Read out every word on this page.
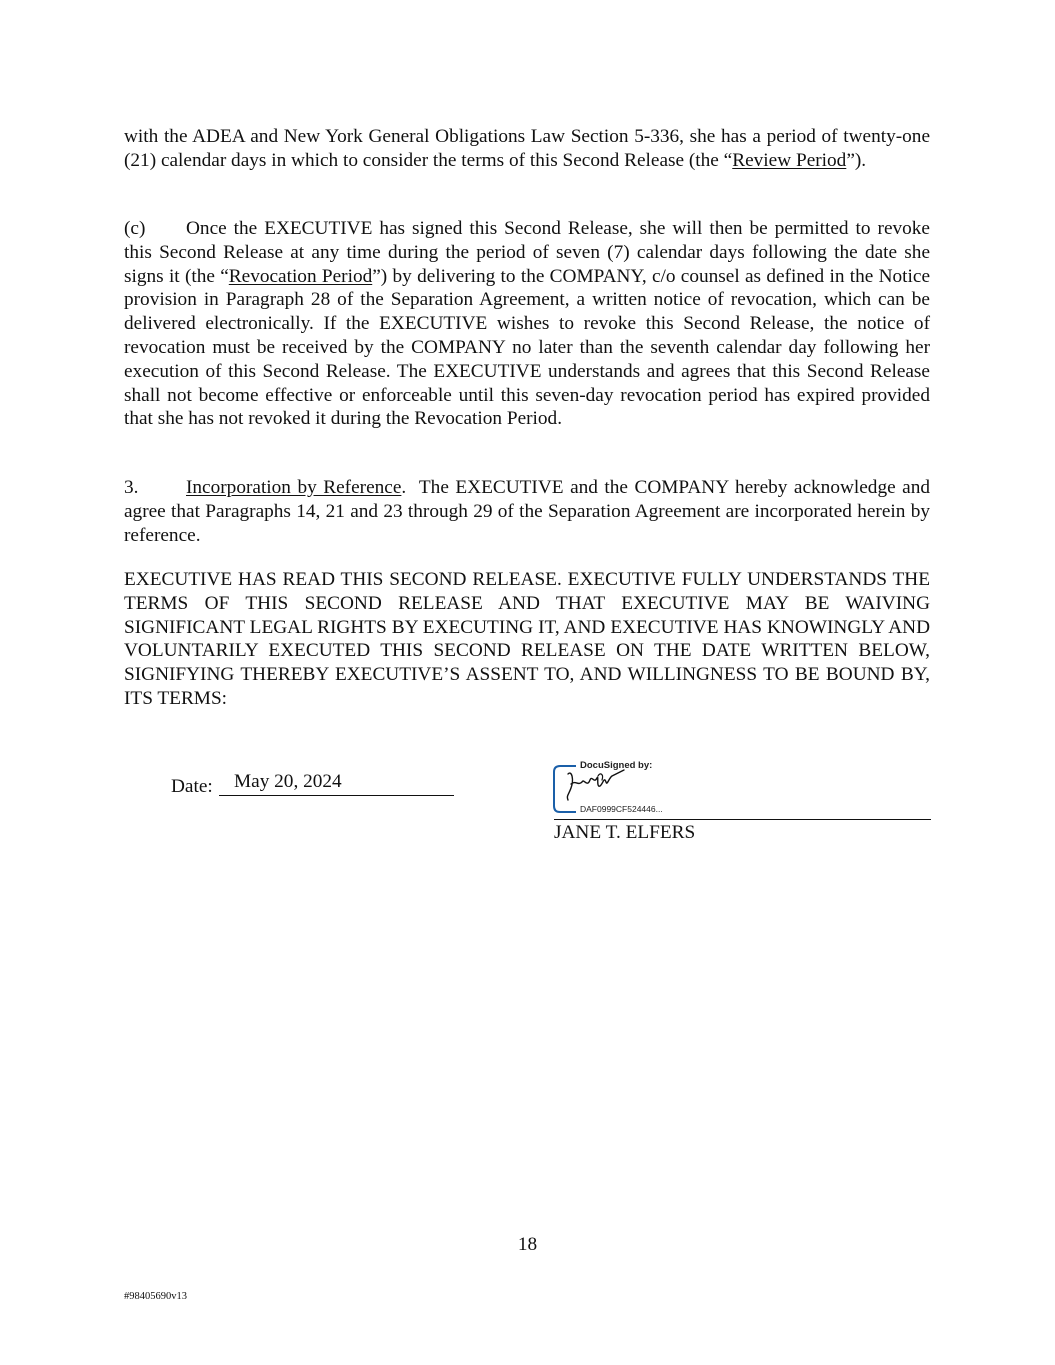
with the ADEA and New York General Obligations Law Section 5-336, she has a period of twenty-one (21) calendar days in which to consider the terms of this Second Release (the “Review Period”).

(c) Once the EXECUTIVE has signed this Second Release, she will then be permitted to revoke this Second Release at any time during the period of seven (7) calendar days following the date she signs it (the “Revocation Period”) by delivering to the COMPANY, c/o counsel as defined in the Notice provision in Paragraph 28 of the Separation Agreement, a written notice of revocation, which can be delivered electronically. If the EXECUTIVE wishes to revoke this Second Release, the notice of revocation must be received by the COMPANY no later than the seventh calendar day following her execution of this Second Release. The EXECUTIVE understands and agrees that this Second Release shall not become effective or enforceable until this seven-day revocation period has expired provided that she has not revoked it during the Revocation Period.

3. Incorporation by Reference.  The EXECUTIVE and the COMPANY hereby acknowledge and agree that Paragraphs 14, 21 and 23 through 29 of the Separation Agreement are incorporated herein by reference.

EXECUTIVE HAS READ THIS SECOND RELEASE. EXECUTIVE FULLY UNDERSTANDS THE TERMS OF THIS SECOND RELEASE AND THAT EXECUTIVE MAY BE WAIVING SIGNIFICANT LEGAL RIGHTS BY EXECUTING IT, AND EXECUTIVE HAS KNOWINGLY AND VOLUNTARILY EXECUTED THIS SECOND RELEASE ON THE DATE WRITTEN BELOW, SIGNIFYING THEREBY EXECUTIVE’S ASSENT TO, AND WILLINGNESS TO BE BOUND BY, ITS TERMS:

Date: May 20, 2024
DocuSigned by:
DAF0999CF524446...
JANE T. ELFERS
18
#98405690v13
